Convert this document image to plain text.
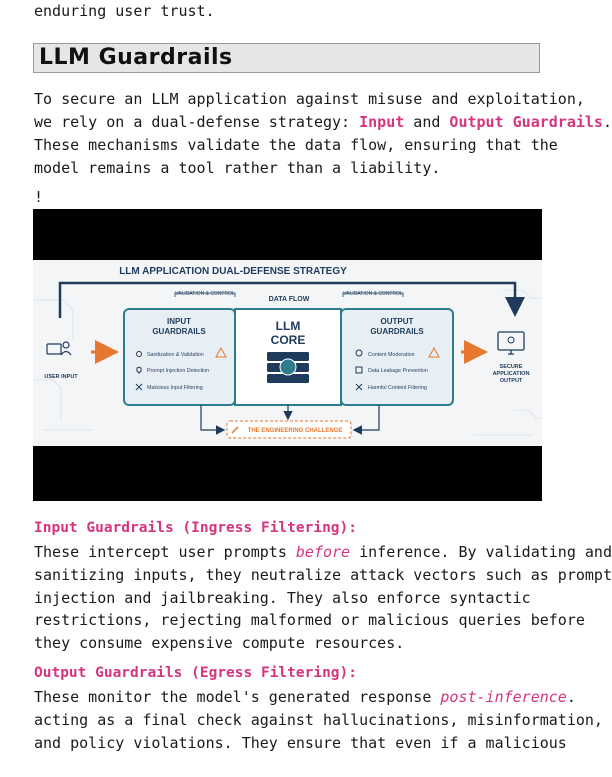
enduring user trust.
LLM Guardrails
To secure an LLM application against misuse and exploitation,
we rely on a dual-defense strategy: Input and Output Guardrails.
These mechanisms validate the data flow, ensuring that the
model remains a tool rather than a liability.
!
LLM APPLICATION DUAL-DEFENSE STRATEGY
DATA FLOW
VALIDATION & CONTROL	VALIDATION & CONTROL
USER INPUT
INPUT
GUARDRAILS
Sanitization & Validation
Prompt Injection Detection
Malicious Input Filtering
LLM
CORE
OUTPUT
GUARDRAILS
Content Moderation
Data Leakage Prevention
Harmful Content Filtering
SECURE
APPLICATION
OUTPUT
THE ENGINEERING CHALLENGE
Input Guardrails (Ingress Filtering):
These intercept user prompts before inference. By validating and
sanitizing inputs, they neutralize attack vectors such as prompt
injection and jailbreaking. They also enforce syntactic
restrictions, rejecting malformed or malicious queries before
they consume expensive compute resources.
Output Guardrails (Egress Filtering):
These monitor the model's generated response post-inference.
acting as a final check against hallucinations, misinformation,
and policy violations. They ensure that even if a malicious
